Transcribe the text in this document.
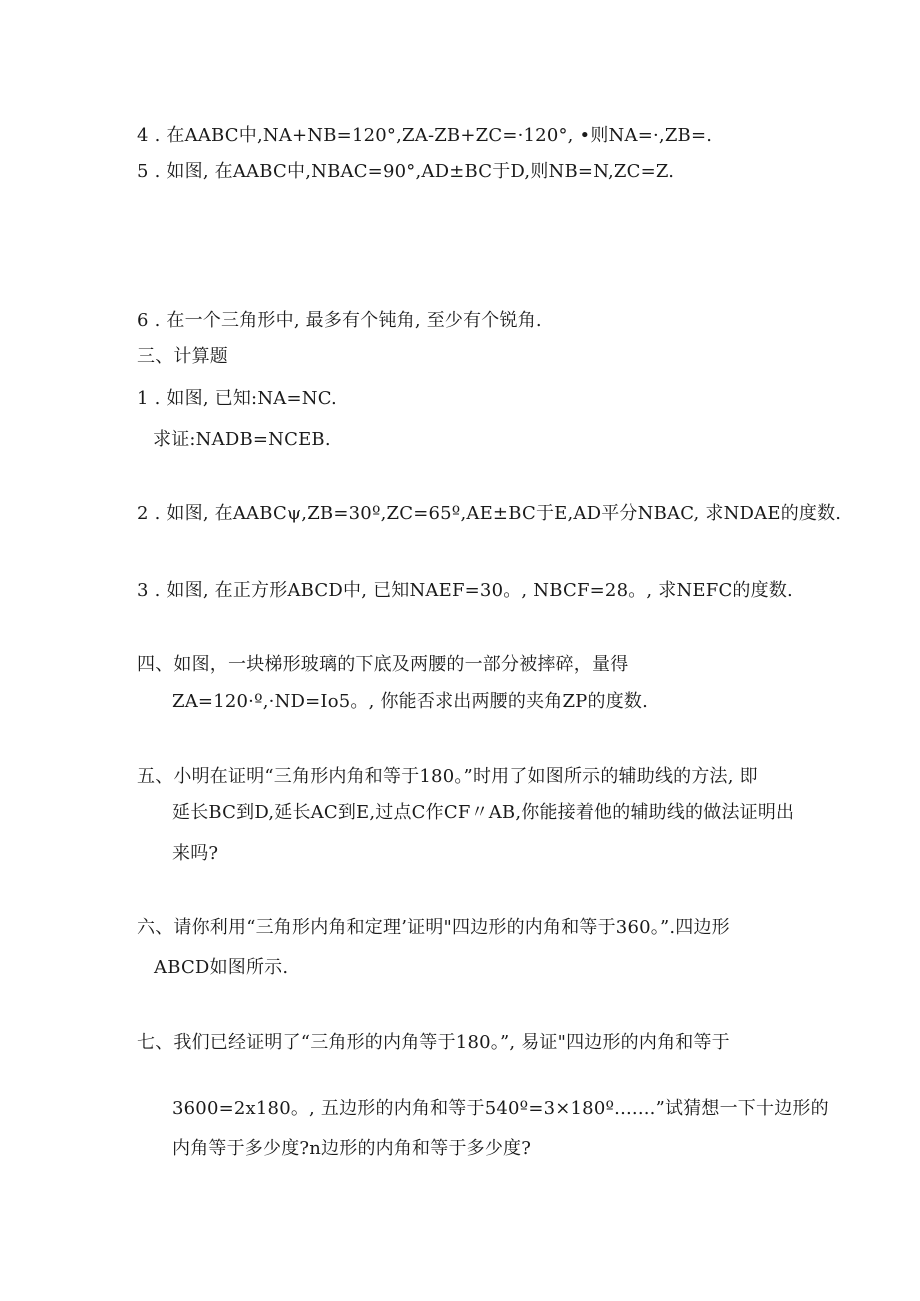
4 . 在AABC中,NA+NB=120°,ZA-ZB+ZC=·120°, •则NA=·,ZB=.
5 . 如图, 在AABC中,NBAC=90°,AD±BC于D,则NB=N,ZC=Z.
6 . 在一个三角形中, 最多有个钝角, 至少有个锐角.
三、计算题
1 . 如图, 已知:NA=NC.
求证:NADB=NCEB.
2 . 如图, 在AABCψ,ZB=30º,ZC=65º,AE±BC于E,AD平分NBAC, 求NDAE的度数.
3 . 如图, 在正方形ABCD中, 已知NAEF=30。, NBCF=28。, 求NEFC的度数.
四、如图，一块梯形玻璃的下底及两腰的一部分被摔碎，量得
ZA=120·º,·ND=Io5。, 你能否求出两腰的夹角ZP的度数.
五、小明在证明“三角形内角和等于180。”时用了如图所示的辅助线的方法, 即
延长BC到D,延长AC到E,过点C作CF〃AB,你能接着他的辅助线的做法证明出
来吗?
六、请你利用“三角形内角和定理’证明"四边形的内角和等于360。”.四边形
ABCD如图所示.
七、我们已经证明了“三角形的内角等于180。”, 易证"四边形的内角和等于
3600=2x180。, 五边形的内角和等于540º=3×180º.......”试猜想一下十边形的
内角等于多少度?n边形的内角和等于多少度?
